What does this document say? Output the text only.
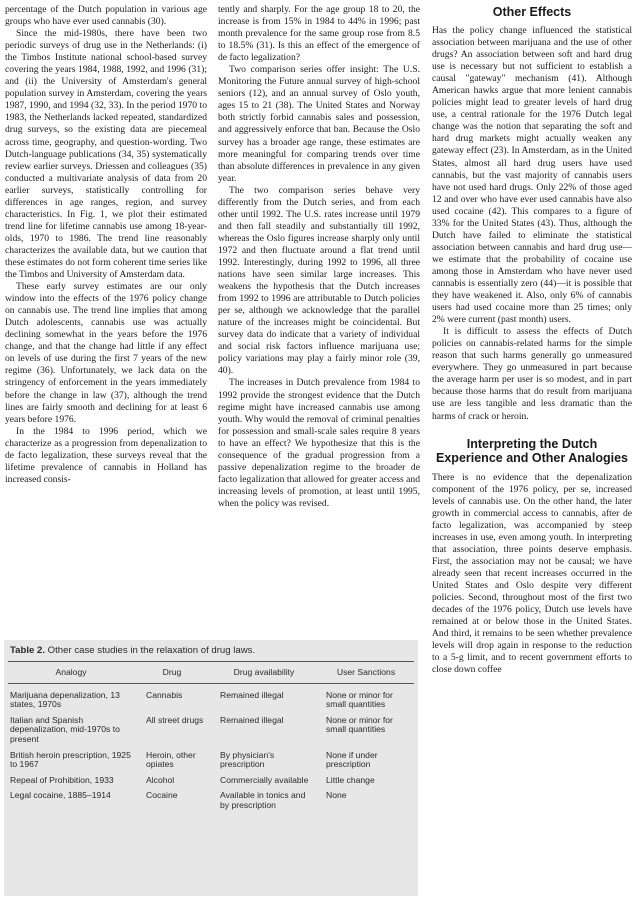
percentage of the Dutch population in various age groups who have ever used cannabis (30).

Since the mid-1980s, there have been two periodic surveys of drug use in the Netherlands: (i) the Timbos Institute national school-based survey covering the years 1984, 1988, 1992, and 1996 (31); and (ii) the University of Amsterdam's general population survey in Amsterdam, covering the years 1987, 1990, and 1994 (32, 33). In the period 1970 to 1983, the Netherlands lacked repeated, standardized drug surveys, so the existing data are piecemeal across time, geography, and question-wording. Two Dutch-language publications (34, 35) systematically review earlier surveys. Driessen and colleagues (35) conducted a multivariate analysis of data from 20 earlier surveys, statistically controlling for differences in age ranges, region, and survey characteristics. In Fig. 1, we plot their estimated trend line for lifetime cannabis use among 18-year-olds, 1970 to 1986. The trend line reasonably characterizes the available data, but we caution that these estimates do not form coherent time series like the Timbos and University of Amsterdam data.

These early survey estimates are our only window into the effects of the 1976 policy change on cannabis use. The trend line implies that among Dutch adolescents, cannabis use was actually declining somewhat in the years before the 1976 change, and that the change had little if any effect on levels of use during the first 7 years of the new regime (36). Unfortunately, we lack data on the stringency of enforcement in the years immediately before the change in law (37), although the trend lines are fairly smooth and declining for at least 6 years before 1976.

In the 1984 to 1996 period, which we characterize as a progression from depenalization to de facto legalization, these surveys reveal that the lifetime prevalence of cannabis in Holland has increased consis-

tently and sharply. For the age group 18 to 20, the increase is from 15% in 1984 to 44% in 1996; past month prevalence for the same group rose from 8.5 to 18.5% (31). Is this an effect of the emergence of de facto legalization?

Two comparison series offer insight: The U.S. Monitoring the Future annual survey of high-school seniors (12), and an annual survey of Oslo youth, ages 15 to 21 (38). The United States and Norway both strictly forbid cannabis sales and possession, and aggressively enforce that ban. Because the Oslo survey has a broader age range, these estimates are more meaningful for comparing trends over time than absolute differences in prevalence in any given year.

The two comparison series behave very differently from the Dutch series, and from each other until 1992. The U.S. rates increase until 1979 and then fall steadily and substantially till 1992, whereas the Oslo figures increase sharply only until 1972 and then fluctuate around a flat trend until 1992. Interestingly, during 1992 to 1996, all three nations have seen similar large increases. This weakens the hypothesis that the Dutch increases from 1992 to 1996 are attributable to Dutch policies per se, although we acknowledge that the parallel nature of the increases might be coincidental. But survey data do indicate that a variety of individual and social risk factors influence marijuana use; policy variations may play a fairly minor role (39, 40).

The increases in Dutch prevalence from 1984 to 1992 provide the strongest evidence that the Dutch regime might have increased cannabis use among youth. Why would the removal of criminal penalties for possession and small-scale sales require 8 years to have an effect? We hypothesize that this is the consequence of the gradual progression from a passive depenalization regime to the broader de facto legalization that allowed for greater access and increasing levels of promotion, at least until 1995, when the policy was revised.

Other Effects

Has the policy change influenced the statistical association between marijuana and the use of other drugs? An association between soft and hard drug use is necessary but not sufficient to establish a causal "gateway" mechanism (41). Although American hawks argue that more lenient cannabis policies might lead to greater levels of hard drug use, a central rationale for the 1976 Dutch legal change was the notion that separating the soft and hard drug markets might actually weaken any gateway effect (23). In Amsterdam, as in the United States, almost all hard drug users have used cannabis, but the vast majority of cannabis users have not used hard drugs. Only 22% of those aged 12 and over who have ever used cannabis have also used cocaine (42). This compares to a figure of 33% for the United States (43). Thus, although the Dutch have failed to eliminate the statistical association between cannabis and hard drug use—we estimate that the probability of cocaine use among those in Amsterdam who have never used cannabis is essentially zero (44)—it is possible that they have weakened it. Also, only 6% of cannabis users had used cocaine more than 25 times; only 2% were current (past month) users.

It is difficult to assess the effects of Dutch policies on cannabis-related harms for the simple reason that such harms generally go unmeasured everywhere. They go unmeasured in part because the average harm per user is so modest, and in part because those harms that do result from marijuana use are less tangible and less dramatic than the harms of crack or heroin.

Interpreting the Dutch Experience and Other Analogies

There is no evidence that the depenalization component of the 1976 policy, per se, increased levels of cannabis use. On the other hand, the later growth in commercial access to cannabis, after de facto legalization, was accompanied by steep increases in use, even among youth. In interpreting that association, three points deserve emphasis. First, the association may not be causal; we have already seen that recent increases occurred in the United States and Oslo despite very different policies. Second, throughout most of the first two decades of the 1976 policy, Dutch use levels have remained at or below those in the United States. And third, it remains to be seen whether prevalence levels will drop again in response to the reduction to a 5-g limit, and to recent government efforts to close down coffee

Table 2. Other case studies in the relaxation of drug laws.
Analogy	Drug	Drug availability	User Sanctions
Marijuana depenalization, 13 states, 1970s	Cannabis	Remained illegal	None or minor for small quantities
Italian and Spanish depenalization, mid-1970s to present	All street drugs	Remained illegal	None or minor for small quantities
British heroin prescription, 1925 to 1967	Heroin, other opiates	By physician's prescription	None if under prescription
Repeal of Prohibition, 1933	Alcohol	Commercially available	Little change
Legal cocaine, 1885–1914	Cocaine	Available in tonics and by prescription	None
